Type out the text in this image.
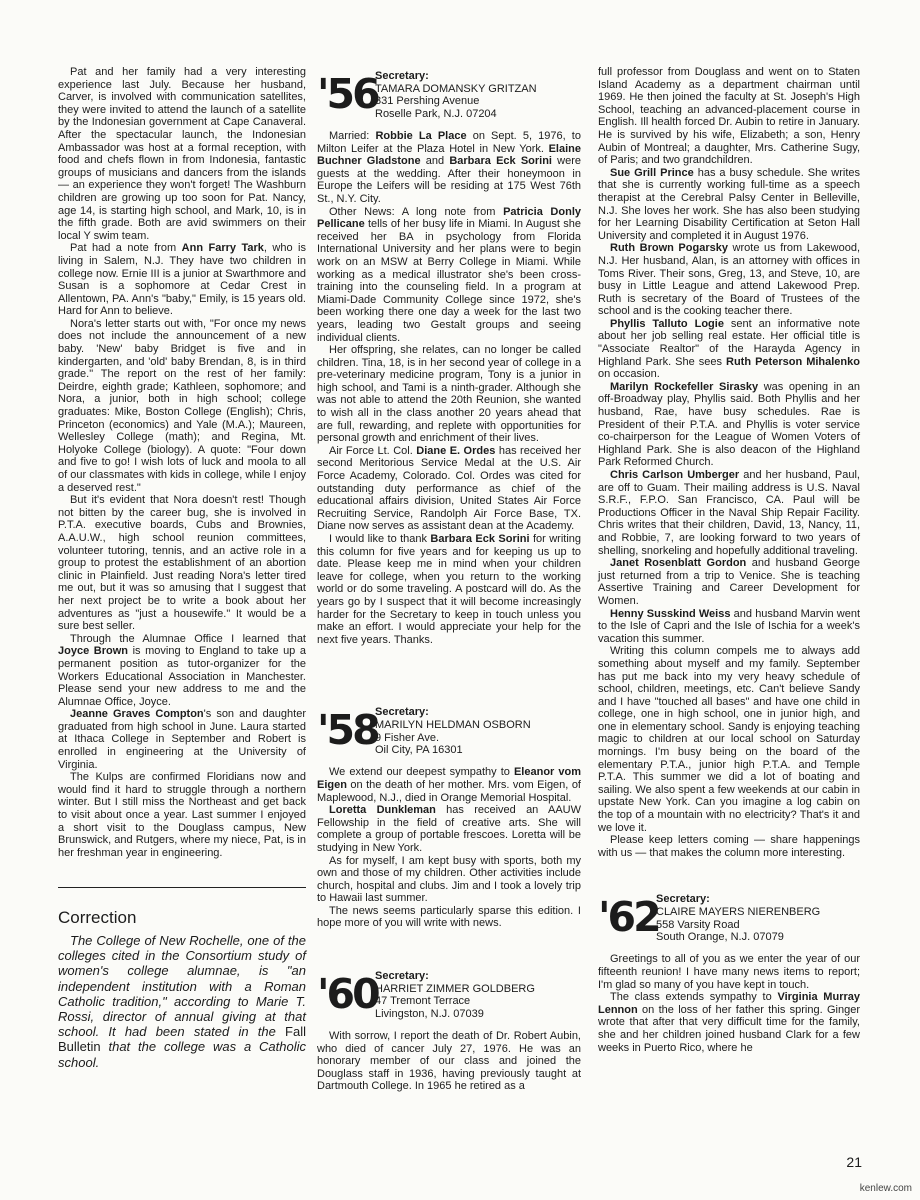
Pat and her family had a very interesting experience last July. Because her husband, Carver, is involved with communication satellites, they were invited to attend the launch of a satellite by the Indonesian government at Cape Canaveral. After the spectacular launch, the Indonesian Ambassador was host at a formal reception, with food and chefs flown in from Indonesia, fantastic groups of musicians and dancers from the islands — an experience they won't forget! The Washburn children are growing up too soon for Pat. Nancy, age 14, is starting high school, and Mark, 10, is in the fifth grade. Both are avid swimmers on their local Y swim team.

Pat had a note from Ann Farry Tark, who is living in Salem, N.J. They have two children in college now. Ernie III is a junior at Swarthmore and Susan is a sophomore at Cedar Crest in Allentown, PA. Ann's "baby," Emily, is 15 years old. Hard for Ann to believe.

Nora's letter starts out with, "For once my news does not include the announcement of a new baby. 'New' baby Bridget is five and in kindergarten, and 'old' baby Brendan, 8, is in third grade." The report on the rest of her family: Deirdre, eighth grade; Kathleen, sophomore; and Nora, a junior, both in high school; college graduates: Mike, Boston College (English); Chris, Princeton (economics) and Yale (M.A.); Maureen, Wellesley College (math); and Regina, Mt. Holyoke College (biology). A quote: "Four down and five to go! I wish lots of luck and moola to all of our classmates with kids in college, while I enjoy a deserved rest."

But it's evident that Nora doesn't rest! Though not bitten by the career bug, she is involved in P.T.A. executive boards, Cubs and Brownies, A.A.U.W., high school reunion committees, volunteer tutoring, tennis, and an active role in a group to protest the establishment of an abortion clinic in Plainfield. Just reading Nora's letter tired me out, but it was so amusing that I suggest that her next project be to write a book about her adventures as "just a housewife." It would be a sure best seller.

Through the Alumnae Office I learned that Joyce Brown is moving to England to take up a permanent position as tutor-organizer for the Workers Educational Association in Manchester. Please send your new address to me and the Alumnae Office, Joyce.

Jeanne Graves Compton's son and daughter graduated from high school in June. Laura started at Ithaca College in September and Robert is enrolled in engineering at the University of Virginia.

The Kulps are confirmed Floridians now and would find it hard to struggle through a northern winter. But I still miss the Northeast and get back to visit about once a year. Last summer I enjoyed a short visit to the Douglass campus, New Brunswick, and Rutgers, where my niece, Pat, is in her freshman year in engineering.

Correction

The College of New Rochelle, one of the colleges cited in the Consortium study of women's college alumnae, is "an independent institution with a Roman Catholic tradition," according to Marie T. Rossi, director of annual giving at that school. It had been stated in the Fall Bulletin that the college was a Catholic school.

'56
Secretary:
TAMARA DOMANSKY GRITZAN
331 Pershing Avenue
Roselle Park, N.J. 07204

Married: Robbie La Place on Sept. 5, 1976, to Milton Leifer at the Plaza Hotel in New York. Elaine Buchner Gladstone and Barbara Eck Sorini were guests at the wedding. After their honeymoon in Europe the Leifers will be residing at 175 West 76th St., N.Y. City.

Other News: A long note from Patricia Donly Pellicane tells of her busy life in Miami. In August she received her BA in psychology from Florida International University and her plans were to begin work on an MSW at Berry College in Miami. While working as a medical illustrator she's been cross-training into the counseling field. In a program at Miami-Dade Community College since 1972, she's been working there one day a week for the last two years, leading two Gestalt groups and seeing individual clients.

Her offspring, she relates, can no longer be called children. Tina, 18, is in her second year of college in a pre-veterinary medicine program, Tony is a junior in high school, and Tami is a ninth-grader. Although she was not able to attend the 20th Reunion, she wanted to wish all in the class another 20 years ahead that are full, rewarding, and replete with opportunities for personal growth and enrichment of their lives.

Air Force Lt. Col. Diane E. Ordes has received her second Meritorious Service Medal at the U.S. Air Force Academy, Colorado. Col. Ordes was cited for outstanding duty performance as chief of the educational affairs division, United States Air Force Recruiting Service, Randolph Air Force Base, TX. Diane now serves as assistant dean at the Academy.

I would like to thank Barbara Eck Sorini for writing this column for five years and for keeping us up to date. Please keep me in mind when your children leave for college, when you return to the working world or do some traveling. A postcard will do. As the years go by I suspect that it will become increasingly harder for the Secretary to keep in touch unless you make an effort. I would appreciate your help for the next five years. Thanks.

'58
Secretary:
MARILYN HELDMAN OSBORN
9 Fisher Ave.
Oil City, PA 16301

We extend our deepest sympathy to Eleanor vom Eigen on the death of her mother. Mrs. vom Eigen, of Maplewood, N.J., died in Orange Memorial Hospital.

Loretta Dunkleman has received an AAUW Fellowship in the field of creative arts. She will complete a group of portable frescoes. Loretta will be studying in New York.

As for myself, I am kept busy with sports, both my own and those of my children. Other activities include church, hospital and clubs. Jim and I took a lovely trip to Hawaii last summer.

The news seems particularly sparse this edition. I hope more of you will write with news.

'60
Secretary:
HARRIET ZIMMER GOLDBERG
47 Tremont Terrace
Livingston, N.J. 07039

With sorrow, I report the death of Dr. Robert Aubin, who died of cancer July 27, 1976. He was an honorary member of our class and joined the Douglass staff in 1936, having previously taught at Dartmouth College. In 1965 he retired as a

full professor from Douglass and went on to Staten Island Academy as a department chairman until 1969. He then joined the faculty at St. Joseph's High School, teaching an advanced-placement course in English. Ill health forced Dr. Aubin to retire in January. He is survived by his wife, Elizabeth; a son, Henry Aubin of Montreal; a daughter, Mrs. Catherine Sugy, of Paris; and two grandchildren.

Sue Grill Prince has a busy schedule. She writes that she is currently working full-time as a speech therapist at the Cerebral Palsy Center in Belleville, N.J. She loves her work. She has also been studying for her Learning Disability Certification at Seton Hall University and completed it in August 1976.

Ruth Brown Pogarsky wrote us from Lakewood, N.J. Her husband, Alan, is an attorney with offices in Toms River. Their sons, Greg, 13, and Steve, 10, are busy in Little League and attend Lakewood Prep. Ruth is secretary of the Board of Trustees of the school and is the cooking teacher there.

Phyllis Talluto Logie sent an informative note about her job selling real estate. Her official title is "Associate Realtor" of the Harayda Agency in Highland Park. She sees Ruth Peterson Mihalenko on occasion.

Marilyn Rockefeller Sirasky was opening in an off-Broadway play, Phyllis said. Both Phyllis and her husband, Rae, have busy schedules. Rae is President of their P.T.A. and Phyllis is voter service co-chairperson for the League of Women Voters of Highland Park. She is also deacon of the Highland Park Reformed Church.

Chris Carlson Umberger and her husband, Paul, are off to Guam. Their mailing address is U.S. Naval S.R.F., F.P.O. San Francisco, CA. Paul will be Productions Officer in the Naval Ship Repair Facility. Chris writes that their children, David, 13, Nancy, 11, and Robbie, 7, are looking forward to two years of shelling, snorkeling and hopefully additional traveling.

Janet Rosenblatt Gordon and husband George just returned from a trip to Venice. She is teaching Assertive Training and Career Development for Women.

Henny Susskind Weiss and husband Marvin went to the Isle of Capri and the Isle of Ischia for a week's vacation this summer.

Writing this column compels me to always add something about myself and my family. September has put me back into my very heavy schedule of school, children, meetings, etc. Can't believe Sandy and I have "touched all bases" and have one child in college, one in high school, one in junior high, and one in elementary school. Sandy is enjoying teaching magic to children at our local school on Saturday mornings. I'm busy being on the board of the elementary P.T.A., junior high P.T.A. and Temple P.T.A. This summer we did a lot of boating and sailing. We also spent a few weekends at our cabin in upstate New York. Can you imagine a log cabin on the top of a mountain with no electricity? That's it and we love it.

Please keep letters coming — share happenings with us — that makes the column more interesting.

'62
Secretary:
CLAIRE MAYERS NIERENBERG
558 Varsity Road
South Orange, N.J. 07079

Greetings to all of you as we enter the year of our fifteenth reunion! I have many news items to report; I'm glad so many of you have kept in touch.

The class extends sympathy to Virginia Murray Lennon on the loss of her father this spring. Ginger wrote that after that very difficult time for the family, she and her children joined husband Clark for a few weeks in Puerto Rico, where he

21
kenlew.com
